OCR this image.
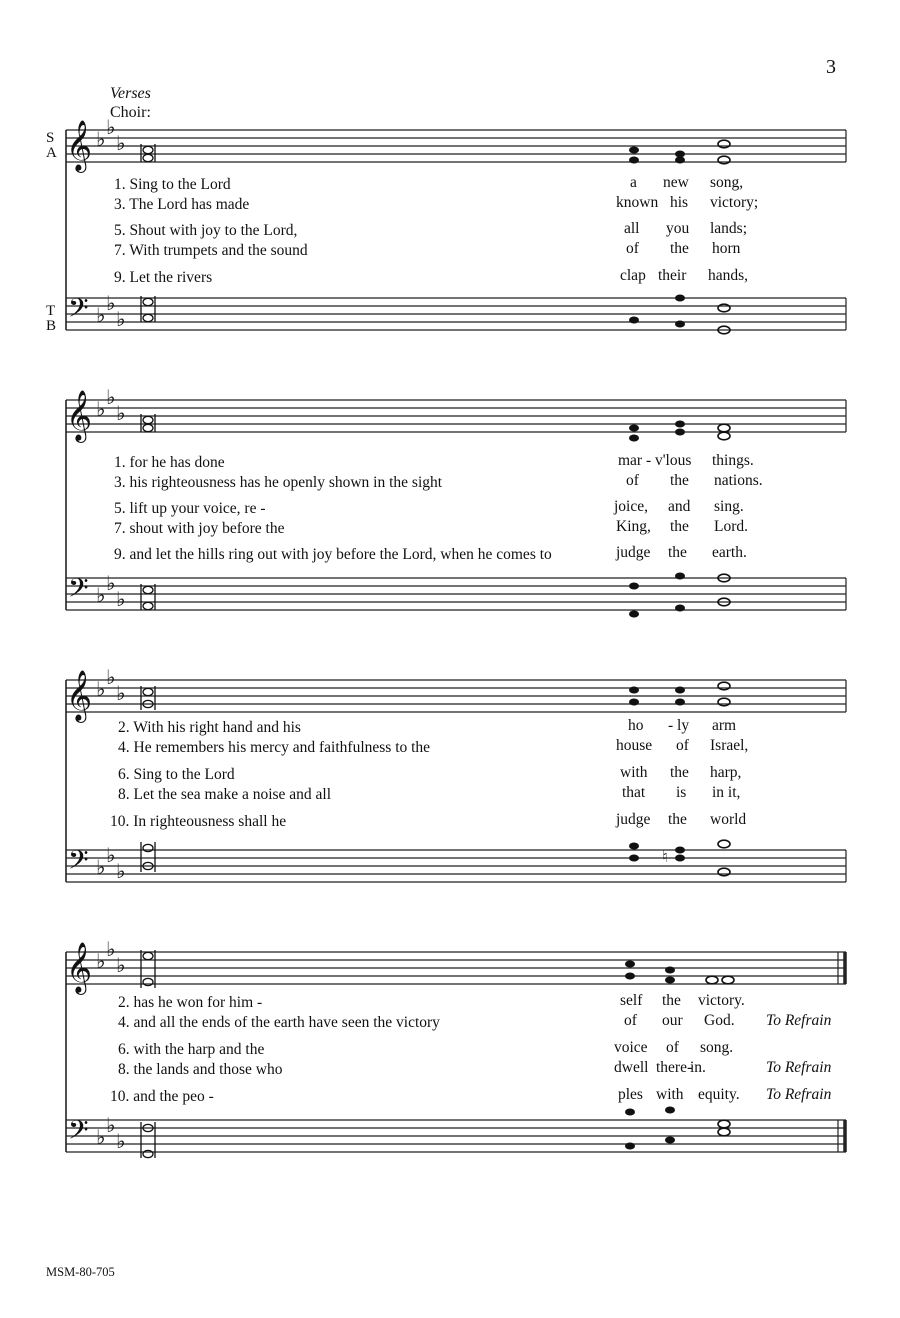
3
Verses
Choir:
S
A
T
B
𝄞
𝄢
𝄞
𝄢
𝄞
𝄢
𝄞
𝄢
♭ ♭
♭
♭ ♭
♭
♭ ♭
♭
♭ ♭
♭
♭ ♭
♭
♭ ♭
♭
♭ ♭
♭
♭ ♭
♭
♮
1. Sing to the Lord	a new song,
3. The Lord has made	known his victory;
5. Shout with joy to the Lord,	all you lands;
7. With trumpets and the sound	of the horn
9. Let the rivers	clap their hands,
1. for he has done	mar - v'lous things.
3. his righteousness has he openly shown in the sight	of the nations.
5. lift up your voice, re -	joice, and sing.
7. shout with joy before the	King, the Lord.
9. and let the hills ring out with joy before the Lord, when he comes to	judge the earth.
2. With his right hand and his	ho - ly arm
4. He remembers his mercy and faithfulness to the	house of Israel,
6. Sing to the Lord	with the harp,
8. Let the sea make a noise and all	that is in it,
10. In righteousness shall he	judge the world
2. has he won for him -	self the victory.
4. and all the ends of the earth have seen the victory	of our God. To Refrain
6. with the harp and the	voice of song.
8. the lands and those who	dwell there-
in.	To Refrain
10. and the peo -	ples with equity. To Refrain
MSM-80-705
